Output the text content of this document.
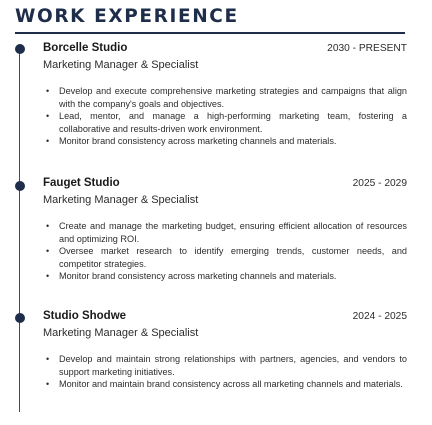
WORK EXPERIENCE
Borcelle Studio	2030 - PRESENT
Marketing Manager & Specialist
• Develop and execute comprehensive marketing strategies and campaigns that align with the company's goals and objectives.
• Lead, mentor, and manage a high-performing marketing team, fostering a collaborative and results-driven work environment.
• Monitor brand consistency across marketing channels and materials.
Fauget Studio	2025 - 2029
Marketing Manager & Specialist
• Create and manage the marketing budget, ensuring efficient allocation of resources and optimizing ROI.
• Oversee market research to identify emerging trends, customer needs, and competitor strategies.
• Monitor brand consistency across marketing channels and materials.
Studio Shodwe	2024 - 2025
Marketing Manager & Specialist
• Develop and maintain strong relationships with partners, agencies, and vendors to support marketing initiatives.
• Monitor and maintain brand consistency across all marketing channels and materials.
